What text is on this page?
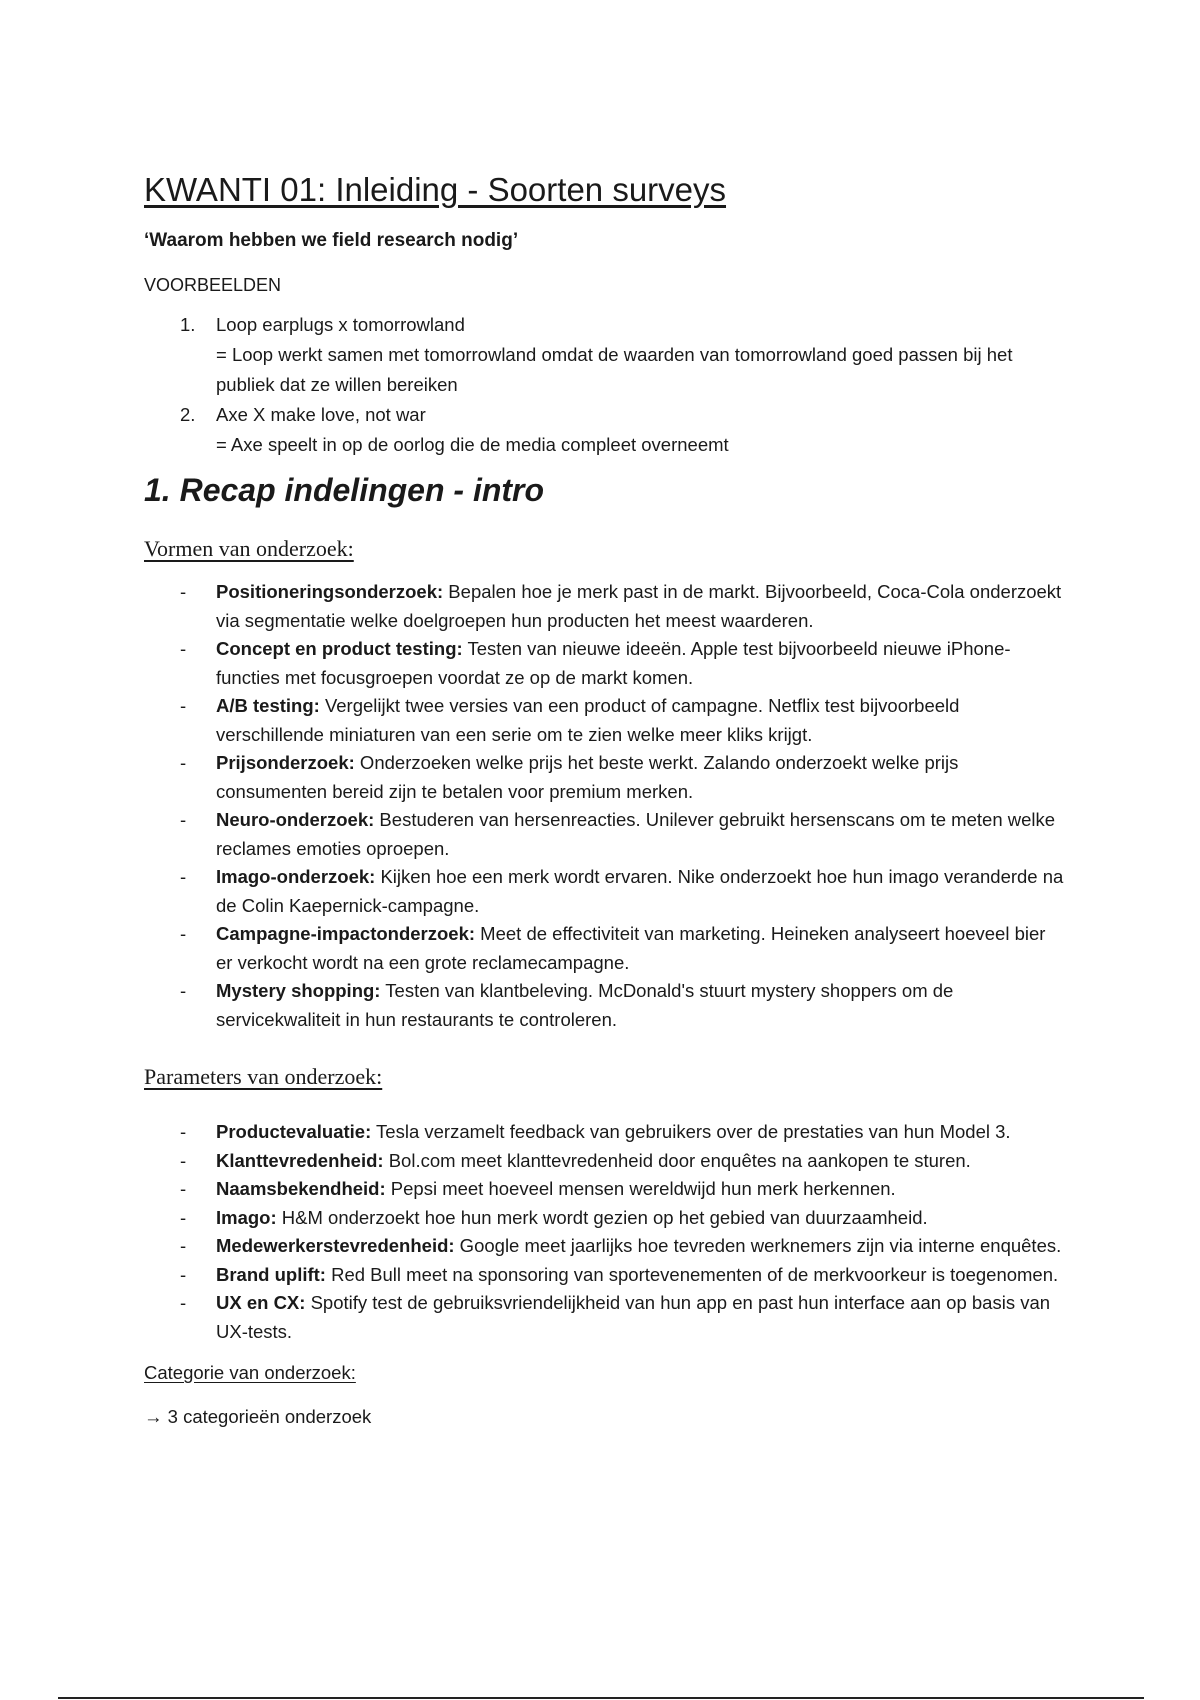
KWANTI 01: Inleiding - Soorten surveys
‘Waarom hebben we field research nodig’
VOORBEELDEN
1. Loop earplugs x tomorrowland
= Loop werkt samen met tomorrowland omdat de waarden van tomorrowland goed passen bij het publiek dat ze willen bereiken
2. Axe X make love, not war
= Axe speelt in op de oorlog die de media compleet overneemt
1. Recap indelingen - intro
Vormen van onderzoek:
- Positioneringsonderzoek: Bepalen hoe je merk past in de markt. Bijvoorbeeld, Coca-Cola onderzoekt via segmentatie welke doelgroepen hun producten het meest waarderen.
- Concept en product testing: Testen van nieuwe ideeën. Apple test bijvoorbeeld nieuwe iPhone-functies met focusgroepen voordat ze op de markt komen.
- A/B testing: Vergelijkt twee versies van een product of campagne. Netflix test bijvoorbeeld verschillende miniaturen van een serie om te zien welke meer kliks krijgt.
- Prijsonderzoek: Onderzoeken welke prijs het beste werkt. Zalando onderzoekt welke prijs consumenten bereid zijn te betalen voor premium merken.
- Neuro-onderzoek: Bestuderen van hersenreacties. Unilever gebruikt hersenscans om te meten welke reclames emoties oproepen.
- Imago-onderzoek: Kijken hoe een merk wordt ervaren. Nike onderzoekt hoe hun imago veranderde na de Colin Kaepernick-campagne.
- Campagne-impactonderzoek: Meet de effectiviteit van marketing. Heineken analyseert hoeveel bier er verkocht wordt na een grote reclamecampagne.
- Mystery shopping: Testen van klantbeleving. McDonald's stuurt mystery shoppers om de servicekwaliteit in hun restaurants te controleren.
Parameters van onderzoek:
- Productevaluatie: Tesla verzamelt feedback van gebruikers over de prestaties van hun Model 3.
- Klanttevredenheid: Bol.com meet klanttevredenheid door enquêtes na aankopen te sturen.
- Naamsbekendheid: Pepsi meet hoeveel mensen wereldwijd hun merk herkennen.
- Imago: H&M onderzoekt hoe hun merk wordt gezien op het gebied van duurzaamheid.
- Medewerkerstevredenheid: Google meet jaarlijks hoe tevreden werknemers zijn via interne enquêtes.
- Brand uplift: Red Bull meet na sponsoring van sportevenementen of de merkvoorkeur is toegenomen.
- UX en CX: Spotify test de gebruiksvriendelijkheid van hun app en past hun interface aan op basis van UX-tests.
Categorie van onderzoek:
→ 3 categorieën onderzoek
